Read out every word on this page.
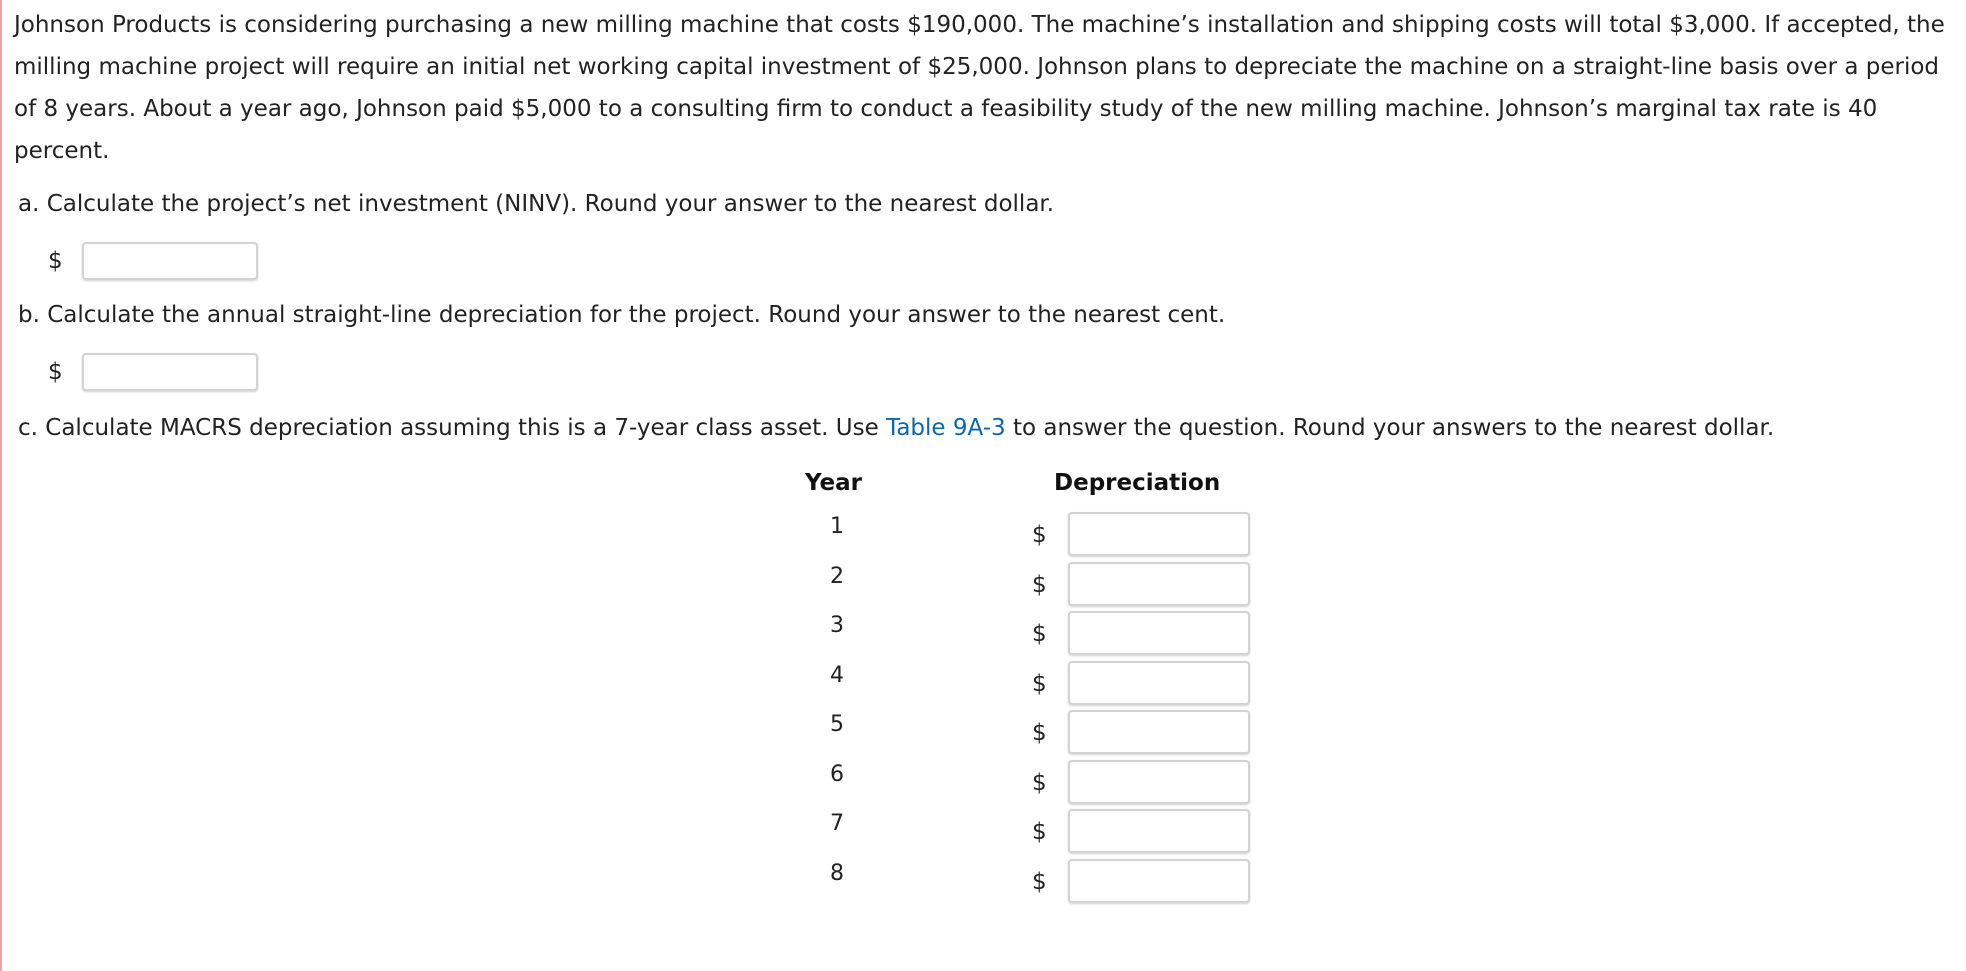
Johnson Products is considering purchasing a new milling machine that costs $190,000. The machine’s installation and shipping costs will total $3,000. If accepted, the milling machine project will require an initial net working capital investment of $25,000. Johnson plans to depreciate the machine on a straight-line basis over a period of 8 years. About a year ago, Johnson paid $5,000 to a consulting firm to conduct a feasibility study of the new milling machine. Johnson’s marginal tax rate is 40 percent.

a. Calculate the project’s net investment (NINV). Round your answer to the nearest dollar.

$

b. Calculate the annual straight-line depreciation for the project. Round your answer to the nearest cent.

$

c. Calculate MACRS depreciation assuming this is a 7-year class asset. Use Table 9A-3 to answer the question. Round your answers to the nearest dollar.

Year	Depreciation
1	$
2	$
3	$
4	$
5	$
6	$
7	$
8	$
